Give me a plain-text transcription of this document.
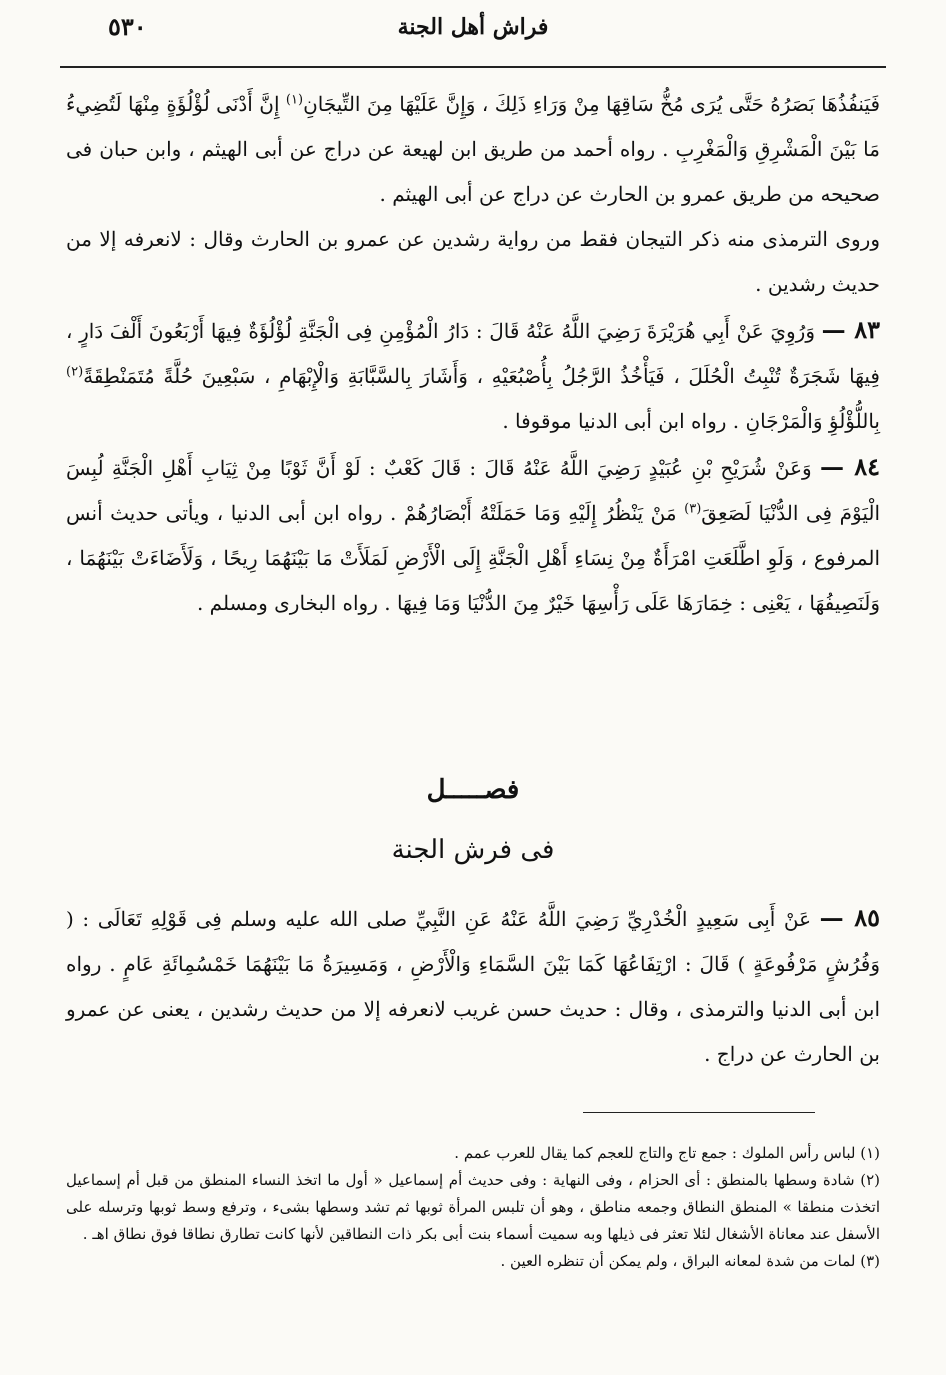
٥٣٠	فراش أهل الجنة

فَيَنفُذُهَا بَصَرُهُ حَتَّى يُرَى مُخُّ سَاقِهَا مِنْ وَرَاءِ ذَلِكَ ، وَإِنَّ عَلَيْهَا مِنَ التِّيجَانِ$^{(١)}$ إِنَّ أَدْنَى لُؤْلُؤَةٍ مِنْهَا لَتُضِيءُ مَا بَيْنَ الْمَشْرِقِ وَالْمَغْرِبِ . رواه أحمد من طريق ابن لهيعة عن دراج عن أبى الهيثم ، وابن حبان فى صحيحه من طريق عمرو بن الحارث عن دراج عن أبى الهيثم .

وروى الترمذى منه ذكر التيجان فقط من رواية رشدين عن عمرو بن الحارث وقال : لانعرفه إلا من حديث رشدين .

٨٣ — وَرُوِيَ عَنْ أَبِي هُرَيْرَةَ رَضِيَ اللَّهُ عَنْهُ قَالَ : دَارُ الْمُؤْمِنِ فِى الْجَنَّةِ لُؤْلُؤَةٌ فِيهَا أَرْبَعُونَ أَلْفَ دَارٍ ، فِيهَا شَجَرَةٌ تُنْبِتُ الْحُلَلَ ، فَيَأْخُذُ الرَّجُلُ بِأُصْبُعَيْهِ ، وَأَشَارَ بِالسَّبَّابَةِ وَالْإِبْهَامِ ، سَبْعِينَ حُلَّةً مُتَمَنْطِقَةً$^{(٢)}$ بِاللُّؤْلُؤِ وَالْمَرْجَانِ . رواه ابن أبى الدنيا موقوفا .

٨٤ — وَعَنْ شُرَيْحِ بْنِ عُبَيْدٍ رَضِيَ اللَّهُ عَنْهُ قَالَ : قَالَ كَعْبٌ : لَوْ أَنَّ ثَوْبًا مِنْ ثِيَابِ أَهْلِ الْجَنَّةِ لُبِسَ الْيَوْمَ فِى الدُّنْيَا لَصَعِقَ$^{(٣)}$ مَنْ يَنْظُرُ إِلَيْهِ وَمَا حَمَلَتْهُ أَبْصَارُهُمْ . رواه ابن أبى الدنيا ، ويأتى حديث أنس المرفوع ، وَلَوِ اطَّلَعَتِ امْرَأَةٌ مِنْ نِسَاءِ أَهْلِ الْجَنَّةِ إِلَى الْأَرْضِ لَمَلَأَتْ مَا بَيْنَهُمَا رِيحًا ، وَلَأَضَاءَتْ بَيْنَهُمَا ، وَلَنَصِيفُهَا ، يَعْنِى : خِمَارَهَا عَلَى رَأْسِهَا خَيْرٌ مِنَ الدُّنْيَا وَمَا فِيهَا . رواه البخارى ومسلم .

فصـــــل
فى فرش الجنة

٨٥ — عَنْ أَبِى سَعِيدٍ الْخُدْرِيِّ رَضِيَ اللَّهُ عَنْهُ عَنِ النَّبِيِّ صلى الله عليه وسلم فِى قَوْلِهِ تَعَالَى : ( وَفُرُشٍ مَرْفُوعَةٍ ) قَالَ : ارْتِفَاعُهَا كَمَا بَيْنَ السَّمَاءِ وَالْأَرْضِ ، وَمَسِيرَةُ مَا بَيْنَهُمَا خَمْسُمِائَةِ عَامٍ . رواه ابن أبى الدنيا والترمذى ، وقال : حديث حسن غريب لانعرفه إلا من حديث رشدين ، يعنى عن عمرو بن الحارث عن دراج .

(١) لباس رأس الملوك : جمع تاج والتاج للعجم كما يقال للعرب عمم .

(٢) شادة وسطها بالمنطق : أى الحزام ، وفى النهاية : وفى حديث أم إسماعيل « أول ما اتخذ النساء المنطق من قبل أم إسماعيل اتخذت منطقا » المنطق النطاق وجمعه مناطق ، وهو أن تلبس المرأة ثوبها ثم تشد وسطها بشىء ، وترفع وسط ثوبها وترسله على الأسفل عند معاناة الأشغال لئلا تعثر فى ذيلها وبه سميت أسماء بنت أبى بكر ذات النطاقين لأنها كانت تطارق نطاقا فوق نطاق اهـ .

(٣) لمات من شدة لمعانه البراق ، ولم يمكن أن تنظره العين .
